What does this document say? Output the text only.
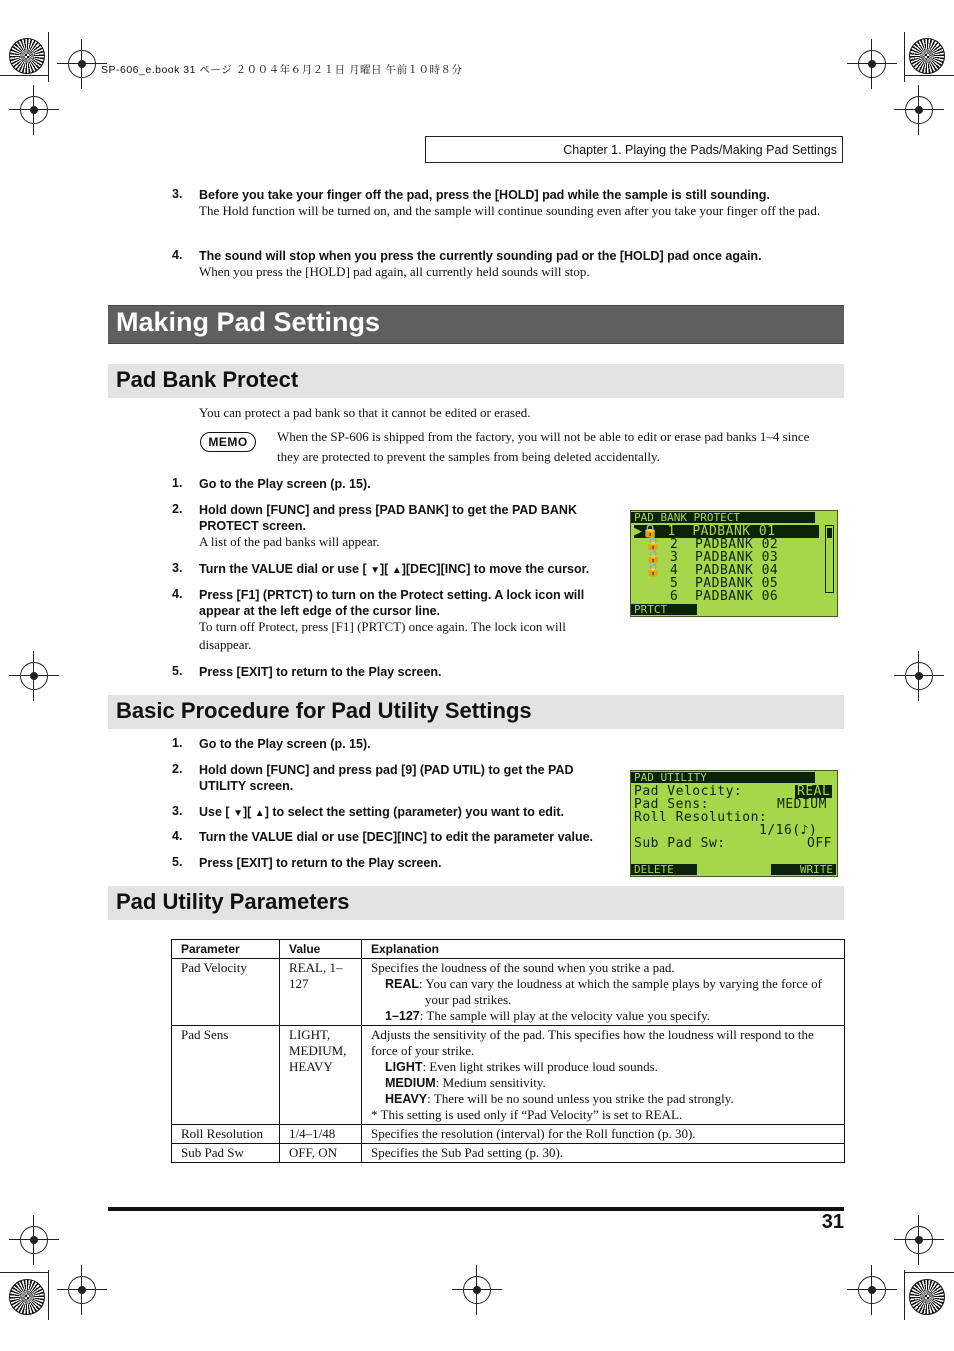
SP-606_e.book 31 ページ ２００４年６月２１日 月曜日 午前１０時８分
Chapter 1. Playing the Pads/Making Pad Settings
3. Before you take your finger off the pad, press the [HOLD] pad while the sample is still sounding.
The Hold function will be turned on, and the sample will continue sounding even after you take your finger off the pad.
4. The sound will stop when you press the currently sounding pad or the [HOLD] pad once again.
When you press the [HOLD] pad again, all currently held sounds will stop.
Making Pad Settings
Pad Bank Protect
You can protect a pad bank so that it cannot be edited or erased.
MEMO	When the SP-606 is shipped from the factory, you will not be able to edit or erase pad banks 1–4 since they are protected to prevent the samples from being deleted accidentally.
1. Go to the Play screen (p. 15).
2. Hold down [FUNC] and press [PAD BANK] to get the PAD BANK PROTECT screen.
A list of the pad banks will appear.
3. Turn the VALUE dial or use [ ▼][ ▲][DEC][INC] to move the cursor.
4. Press [F1] (PRTCT) to turn on the Protect setting. A lock icon will appear at the left edge of the cursor line.
To turn off Protect, press [F1] (PRTCT) once again. The lock icon will disappear.
5. Press [EXIT] to return to the Play screen.
PAD BANK PROTECT
▶🔒 1  PADBANK 01
🔒 2  PADBANK 02
🔒 3  PADBANK 03
🔒 4  PADBANK 04
5  PADBANK 05
6  PADBANK 06
PRTCT
Basic Procedure for Pad Utility Settings
1. Go to the Play screen (p. 15).
2. Hold down [FUNC] and press pad [9] (PAD UTIL) to get the PAD UTILITY screen.
3. Use [ ▼][ ▲] to select the setting (parameter) you want to edit.
4. Turn the VALUE dial or use [DEC][INC] to edit the parameter value.
5. Press [EXIT] to return to the Play screen.
PAD UTILITY
Pad Velocity:	REAL
Pad Sens:	MEDIUM
Roll Resolution:
1/16(♪)
Sub Pad Sw:	OFF
DELETE	WRITE
Pad Utility Parameters
Parameter	Value	Explanation
Pad Velocity	REAL, 1–127	Specifies the loudness of the sound when you strike a pad.
REAL: You can vary the loudness at which the sample plays by varying the force of your pad strikes.
1–127: The sample will play at the velocity value you specify.

Pad Sens	LIGHT, MEDIUM, HEAVY	Adjusts the sensitivity of the pad. This specifies how the loudness will respond to the force of your strike.
LIGHT: Even light strikes will produce loud sounds.
MEDIUM: Medium sensitivity.
HEAVY: There will be no sound unless you strike the pad strongly.
* This setting is used only if “Pad Velocity” is set to REAL.

Roll Resolution	1/4–1/48	Specifies the resolution (interval) for the Roll function (p. 30).

Sub Pad Sw	OFF, ON	Specifies the Sub Pad setting (p. 30).
31
